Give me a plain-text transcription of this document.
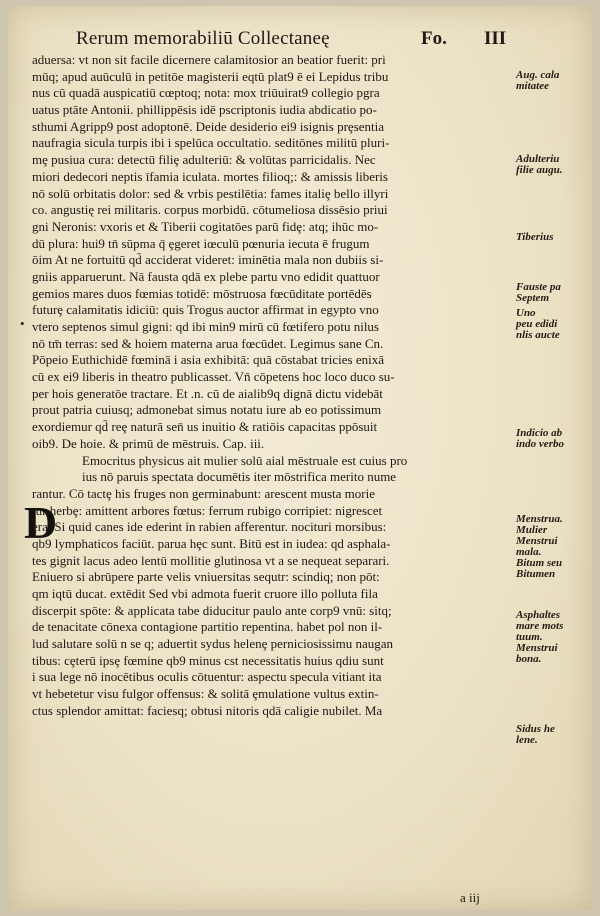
Rerum memorabiliū Collectaneę	Fo. III
aduersa: vt non sit facile dicernere calamitosior an beatior fuerit: pri
mūq; apud auūculū in petitōe magisterii eqtū plat9 ē ei Lepidus tribu
nus cū quadā auspicatiū cœptoq; nota: mox triūuirat9 collegio pgra
uatus ptāte Antonii. phillippēsis idē pscriptonis iudia abdicatio po-
sthumi Agripp9 post adoptonē. Deide desiderio ei9 isignis prȩsentia
naufragia sicula turpis ibi i spelūca occultatio. seditōnes militū pluri-
mȩ pusiua cura: detectū filiȩ adulteriū: & volūtas parricidalis. Nec
miori dedecori neptis īfamia iculata. mortes filioq;: & amissis liberis
nō solū orbitatis dolor: sed & vrbis pestilētia: fames italiȩ bello illyri
co. angustię rei militaris. corpus morbidū. cōtumeliosa dissēsio priui
gni Neronis: vxoris et & Tiberii cogitatōes parū fidȩ: atq; ihūc mo-
dū plura: hui9 tn̄ sūpma q̄ ȩgeret iœculū pœnuria iecuta ē frugum
ōim At ne fortuitū qd̄ acciderat videret: iminētia mala non dubiis si-
gniis apparuerunt. Nā fausta qdā ex plebe partu vno edidit quattuor
gemios mares duos fœmias totidē: mōstruosa fœcūditate portēdēs
futurȩ calamitatis idiciū: quis Trogus auctor affirmat in egypto vno
vtero septenos simul gigni: qd ibi min9 mirū cū fœtifero potu nilus
nō tm̄ terras: sed & hoiem materna arua fœcūdet. Legimus sane Cn.
Pōpeio Euthichidē fœminā i asia exhibitā: quā cōstabat tricies enixā
cū ex ei9 liberis in theatro publicasset. Vn̄ cōpetens hoc loco duco su-
per hois generatōe tractare. Et .n. cū de aialib9q dignā dictu videbāt
prout patria cuiusq; admonebat simus notatu iure ab eo potissimum
exordiemur qd̄ reȩ naturā sen̄ us inuitio & ratiōis capacitas ppōsuit
oib9. De hoie. & primū de mēstruis. Cap. iii.
Emocritus physicus ait mulier solū aial mēstruale est cuius pro
ius nō paruis spectata documētis iter mōstrifica merito nume
rantur. Cō tactȩ his fruges non germinabunt: arescent musta morie
tur herbȩ: amittent arbores fœtus: ferrum rubigo corripiet: nigrescet
ȩra. Si quid canes ide ederint in rabien afferentur. nocituri morsibus:
qb9 lymphaticos faciūt. parua hȩc sunt. Bitū est in iudea: qd asphala-
tes gignit lacus adeo lentū mollitie glutinosa vt a se nequeat separari.
Eniuero si abrūpere parte velis vniuersitas sequtr: scindiq; non pōt:
qm iqtū ducat. extēdit Sed vbi admota fuerit cruore illo polluta fila
discerpit spōte: & applicata tabe diducitur paulo ante corp9 vnū: sitq;
de tenacitate cōnexa contagione partitio repentina. habet pol non il-
lud salutare solū n se q; aduertit sydus helenȩ perniciosissimu naugan
tibus: cȩterū ipsȩ fœmine qb9 minus cst necessitatis huius qdiu sunt
i sua lege nō inocētibus oculis cōtuentur: aspectu specula vitiant ita
vt hebetetur visu fulgor offensus: & solitā ȩmulatione vultus extin-
ctus splendor amittat: faciesq; obtusi nitoris qdā caligie nubilet. Ma
D
•
Aug. cala
mitatee
Adulteriu
filie augu.
Tiberius
Fauste pa
Septem
Uno
peu edidi
nlis aucte
Indicio ab
indo verbo
Menstrua.
Mulier
Menstrui
mala.
Bitum seu
Bitumen
Asphaltes
mare mots
tuum.
Menstrui
bona.
Sidus he
lene.
a iij
